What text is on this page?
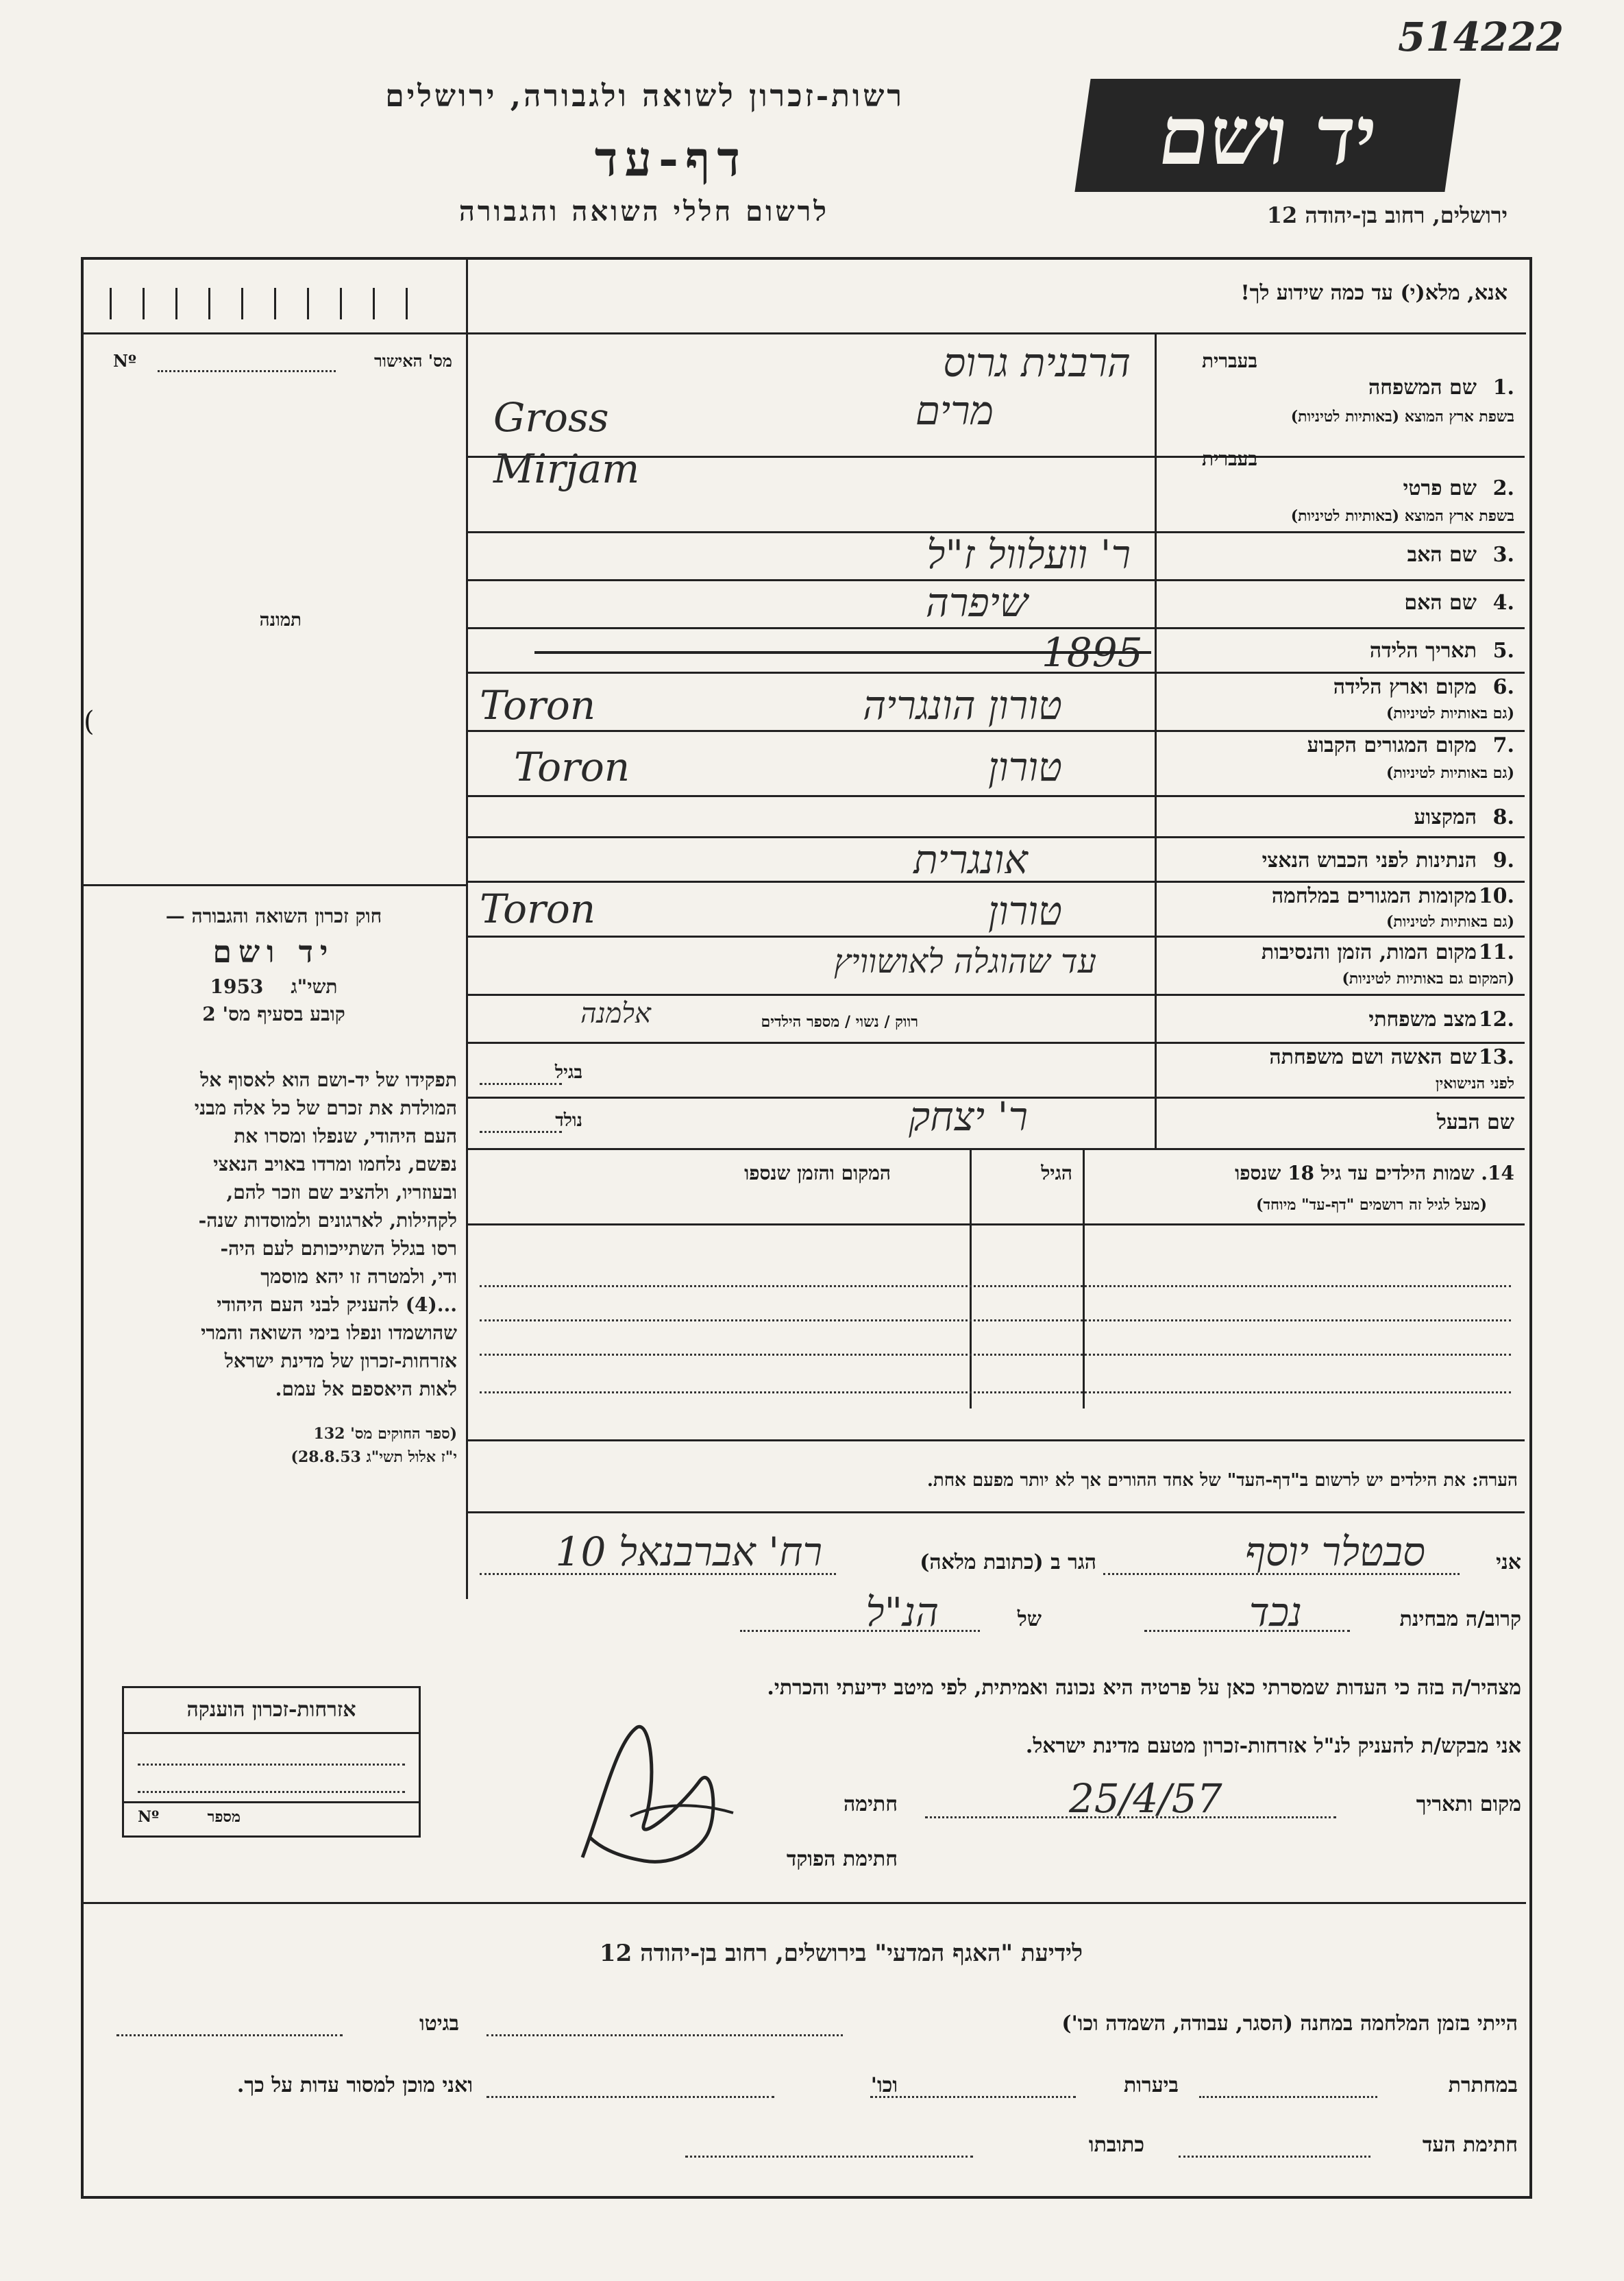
514222
יד ושם
רשות-זכרון לשואה ולגבורה, ירושלים
דף-עד
לרשום חללי השואה והגבורה	ירושלים, רחוב בן-יהודה 12
אנא, מלא(י) עד כמה שידוע לך!
מס' האישור
Nº
תמונה
(
חוק זכרון השואה והגבורה —
יד ושם
1953 תשי"ג
קובע בסעיף מס' 2
תפקידו של יד-ושם הוא לאסוף אל
המולדת את זכרם של כל אלה מבני
העם היהודי, שנפלו ומסרו את
נפשם, נלחמו ומרדו באויב הנאצי
ובעוזריו, ולהציב שם וזכר להם,
לקהילות, לארגונים ולמוסדות שנה-
רסו בגלל השתייכותם לעם היה-
ודי, ולמטרה זו יהא מוסמך
...(4) להעניק לבני העם היהודי
שהושמדו ונפלו בימי השואה והמרי
אזרחות-זכרון של מדינת ישראל
לאות היאספם אל עמם.
(ספר החוקים מס' 132
י"ז אלול תשי"ג 28.8.53)
אזרחות-זכרון הוענקה
Nº	מספר
בעברית
1.
שם המשפחה
בשפת ארץ המוצא (באותיות לטיניות)
הרבנית גרוס
Gross
בעברית
2.
שם פרטי
בשפת ארץ המוצא (באותיות לטיניות)
מרים
Mirjam
3.
שם האב
ר' וועלוול ז"ל
4.
שם האם
שיפרה
5.
תאריך הלידה
1895
6.
מקום וארץ הלידה
(גם באותיות לטיניות)
טורון הונגריה
Toron
7.
מקום המגורים הקבוע
(גם באותיות לטיניות)
טורון
Toron
8.
המקצוע
9.
הנתינות לפני הכבוש הנאצי
אונגרית
10.
מקומות המגורים במלחמה
(גם באותיות לטיניות)
טורון
Toron
11.
מקום המות, הזמן והנסיבות
(המקום גם באותיות לטיניות)
עד שהוגלה לאושוויץ
12.
מצב משפחתי
רווק / נשוי / מספר הילדים
אלמנה
13.
שם האשה ושם משפחתה
לפני הנישואין
בגיל
שם הבעל
נולד	ר' יצחק
14. שמות הילדים עד גיל 18 שנספו
(מעל לגיל זה רושמים "דף-עד" מיוחד)
הגיל
המקום והזמן שנספו
הערה: את הילדים יש לרשום ב"דף-העד" של אחד ההורים אך לא יותר מפעם אחת.
אני
סבטלר יוסף
הגר ב (כתובת מלאה)
רח' אברבנאל 10
קרוב/ה מבחינת
נכד
של
הנ"ל
מצהיר/ה בזה כי העדות שמסרתי כאן על פרטיה היא נכונה ואמיתית, לפי מיטב ידיעתי והכרתי.
אני מבקש/ת להעניק לנ"ל אזרחות-זכרון מטעם מדינת ישראל.
מקום ותאריך
25/4/57
חתימה
חתימת הפוקד
לידיעת "האגף המדעי" בירושלים, רחוב בן-יהודה 12
הייתי בזמן המלחמה במחנה (הסגר, עבודה, השמדה וכו')
בגיטו
במחתרת
ביערות
וכו'
ואני מוכן למסור עדות על כך.
חתימת העד
כתובתו
